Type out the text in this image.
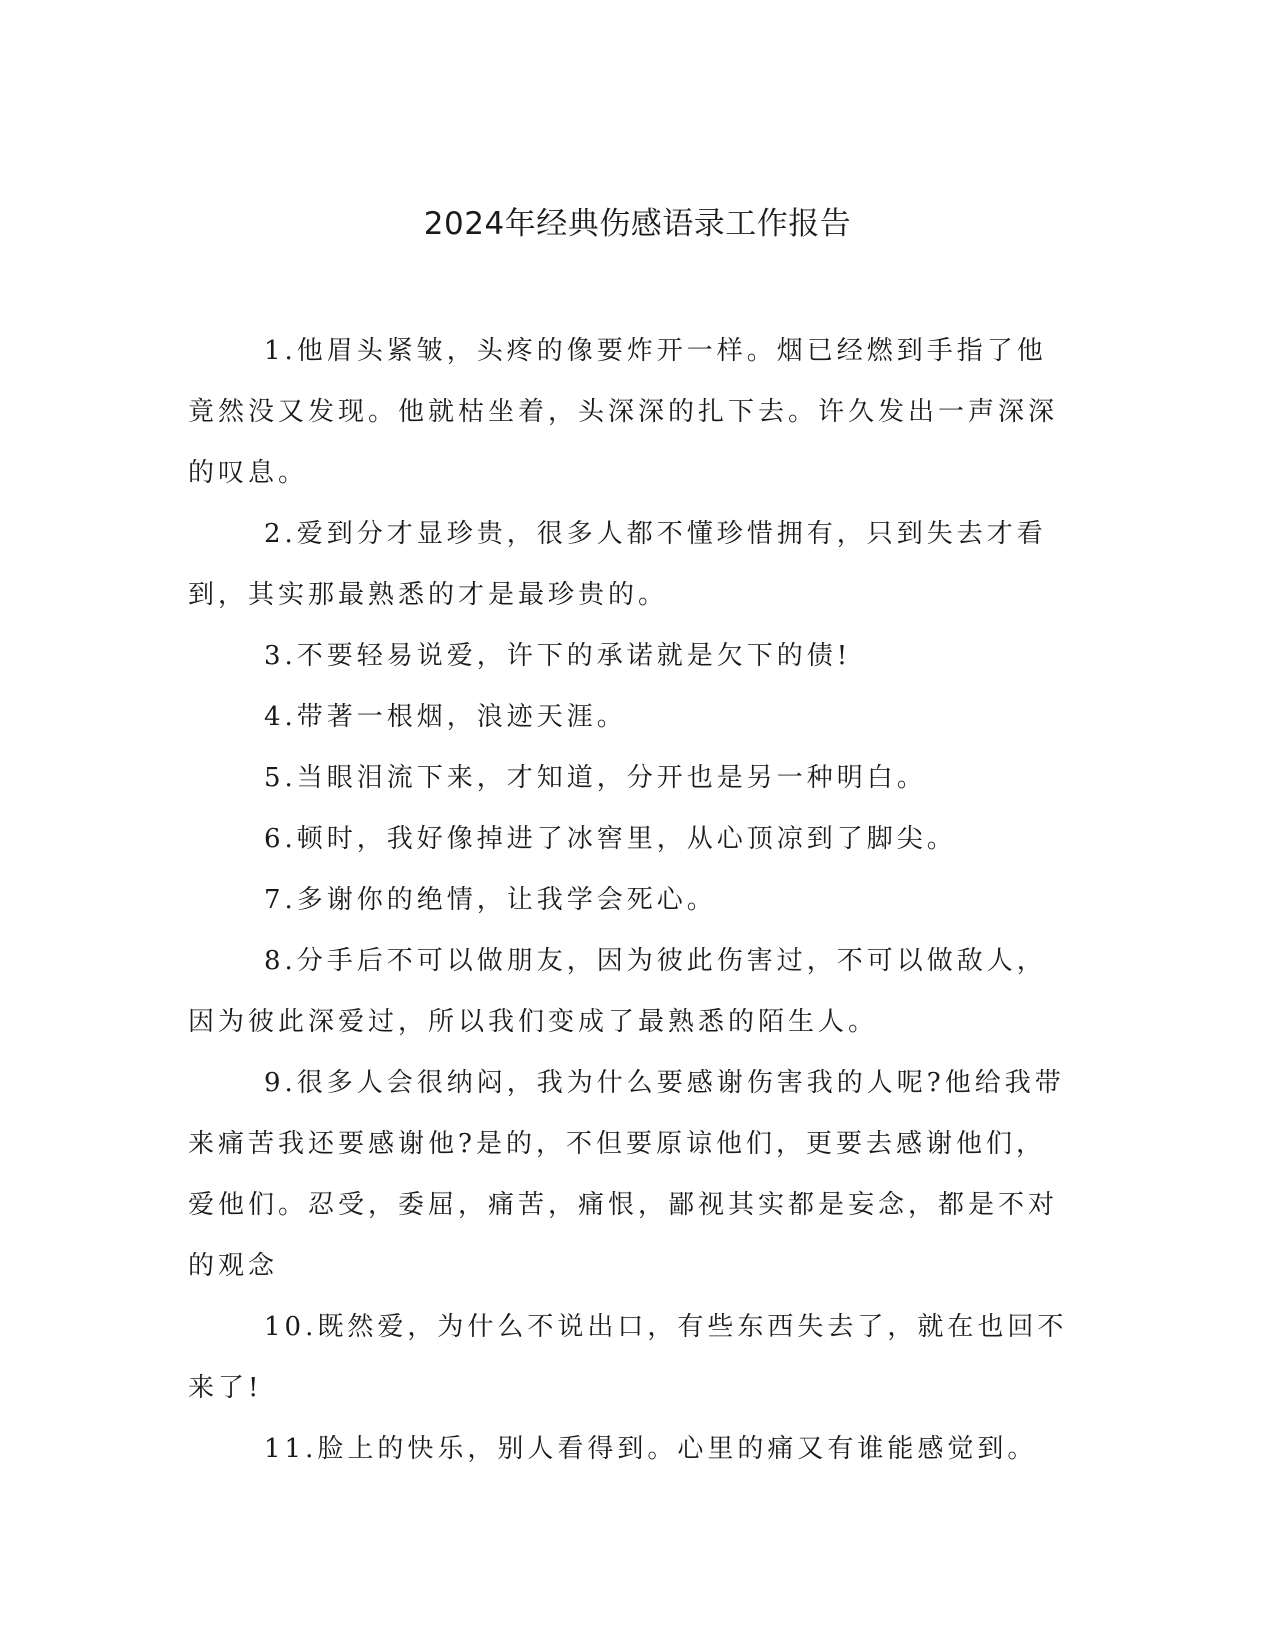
2024年经典伤感语录工作报告

1.他眉头紧皱，头疼的像要炸开一样。烟已经燃到手指了他竟然没又发现。他就枯坐着，头深深的扎下去。许久发出一声深深的叹息。

2.爱到分才显珍贵，很多人都不懂珍惜拥有，只到失去才看到，其实那最熟悉的才是最珍贵的。

3.不要轻易说爱，许下的承诺就是欠下的债!

4.带著一根烟，浪迹天涯。

5.当眼泪流下来，才知道，分开也是另一种明白。

6.顿时，我好像掉进了冰窖里，从心顶凉到了脚尖。

7.多谢你的绝情，让我学会死心。

8.分手后不可以做朋友，因为彼此伤害过，不可以做敌人，因为彼此深爱过，所以我们变成了最熟悉的陌生人。

9.很多人会很纳闷，我为什么要感谢伤害我的人呢?他给我带来痛苦我还要感谢他?是的，不但要原谅他们，更要去感谢他们，爱他们。忍受，委屈，痛苦，痛恨，鄙视其实都是妄念，都是不对的观念

10.既然爱，为什么不说出口，有些东西失去了，就在也回不来了!

11.脸上的快乐，别人看得到。心里的痛又有谁能感觉到。
